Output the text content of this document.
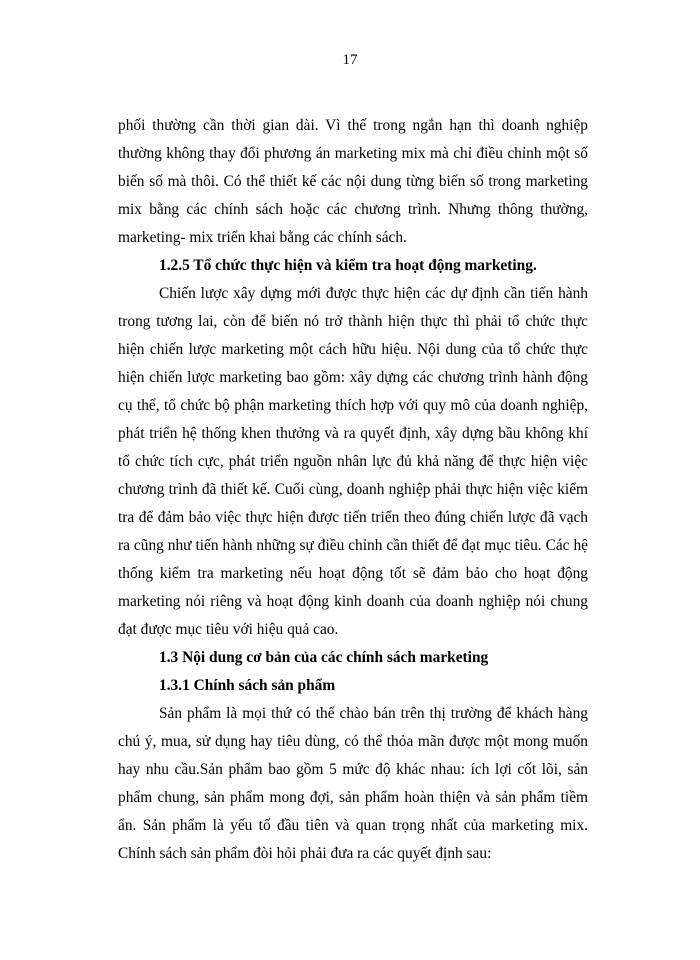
17

phối thường cần thời gian dài. Vì thế trong ngắn hạn thì doanh nghiệp thường không thay đổi phương án marketing mix mà chỉ điều chỉnh một số biến số mà thôi. Có thể thiết kế các nội dung từng biến số trong marketing mix bằng các chính sách hoặc các chương trình. Nhưng thông thường, marketing- mix triển khai bằng các chính sách.

1.2.5 Tổ chức thực hiện và kiểm tra hoạt động marketing.

Chiến lược xây dựng mới được thực hiện các dự định cần tiến hành trong tương lai, còn để biến nó trở thành hiện thực thì phải tổ chức thực hiện chiến lược marketing một cách hữu hiệu. Nội dung của tổ chức thực hiện chiến lược marketing bao gồm: xây dựng các chương trình hành động cụ thể, tổ chức bộ phận marketing thích hợp với quy mô của doanh nghiệp, phát triển hệ thống khen thưởng và ra quyết định, xây dựng bầu không khí tổ chức tích cực, phát triển nguồn nhân lực đủ khả năng để thực hiện việc chương trình đã thiết kế. Cuối cùng, doanh nghiệp phải thực hiện việc kiểm tra để đảm bảo việc thực hiện được tiến triển theo đúng chiến lược đã vạch ra cũng như tiến hành những sự điều chỉnh cần thiết để đạt mục tiêu. Các hệ thống kiểm tra marketing nếu hoạt động tốt sẽ đảm bảo cho hoạt động marketing nói riêng và hoạt động kinh doanh của doanh nghiệp nói chung đạt được mục tiêu với hiệu quả cao.

1.3 Nội dung cơ bản của các chính sách marketing
1.3.1 Chính sách sản phẩm

Sản phẩm là mọi thứ có thể chào bán trên thị trường để khách hàng chú ý, mua, sử dụng hay tiêu dùng, có thể thỏa mãn được một mong muốn hay nhu cầu.Sản phẩm bao gồm 5 mức độ khác nhau: ích lợi cốt lõi, sản phẩm chung, sản phẩm mong đợi, sản phẩm hoàn thiện và sản phẩm tiềm ẩn. Sản phẩm là yếu tố đầu tiên và quan trọng nhất của marketing mix. Chính sách sản phẩm đòi hỏi phải đưa ra các quyết định sau:
